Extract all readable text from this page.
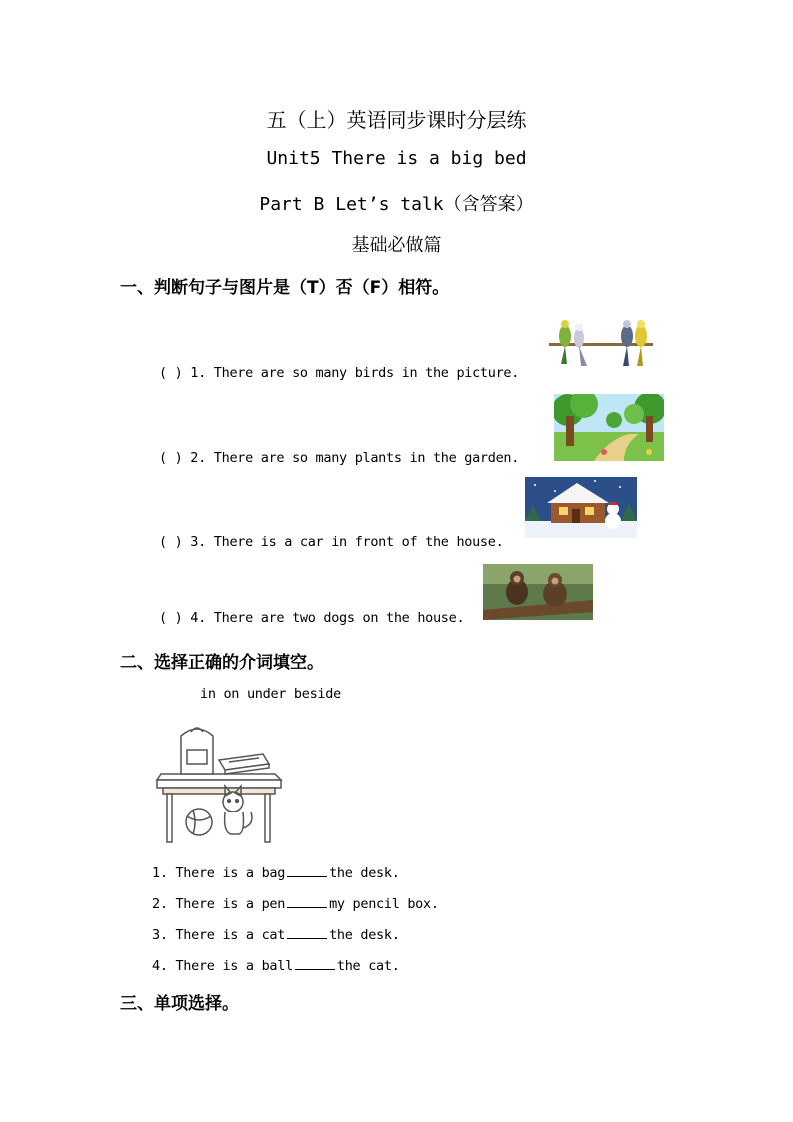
五（上）英语同步课时分层练
Unit5 There is a big bed
Part B Let’s talk（含答案）
基础必做篇
一、判断句子与图片是（T）否（F）相符。
( ) 1. There are so many birds in the picture.
( ) 2. There are so many plants in the garden.
( ) 3. There is a car in front of the house.
( ) 4. There are two dogs on the house.
二、选择正确的介词填空。
in on under beside
1. There is a bag	the desk.
2. There is a pen	my pencil box.
3. There is a cat	the desk.
4. There is a ball	the cat.
三、单项选择。
